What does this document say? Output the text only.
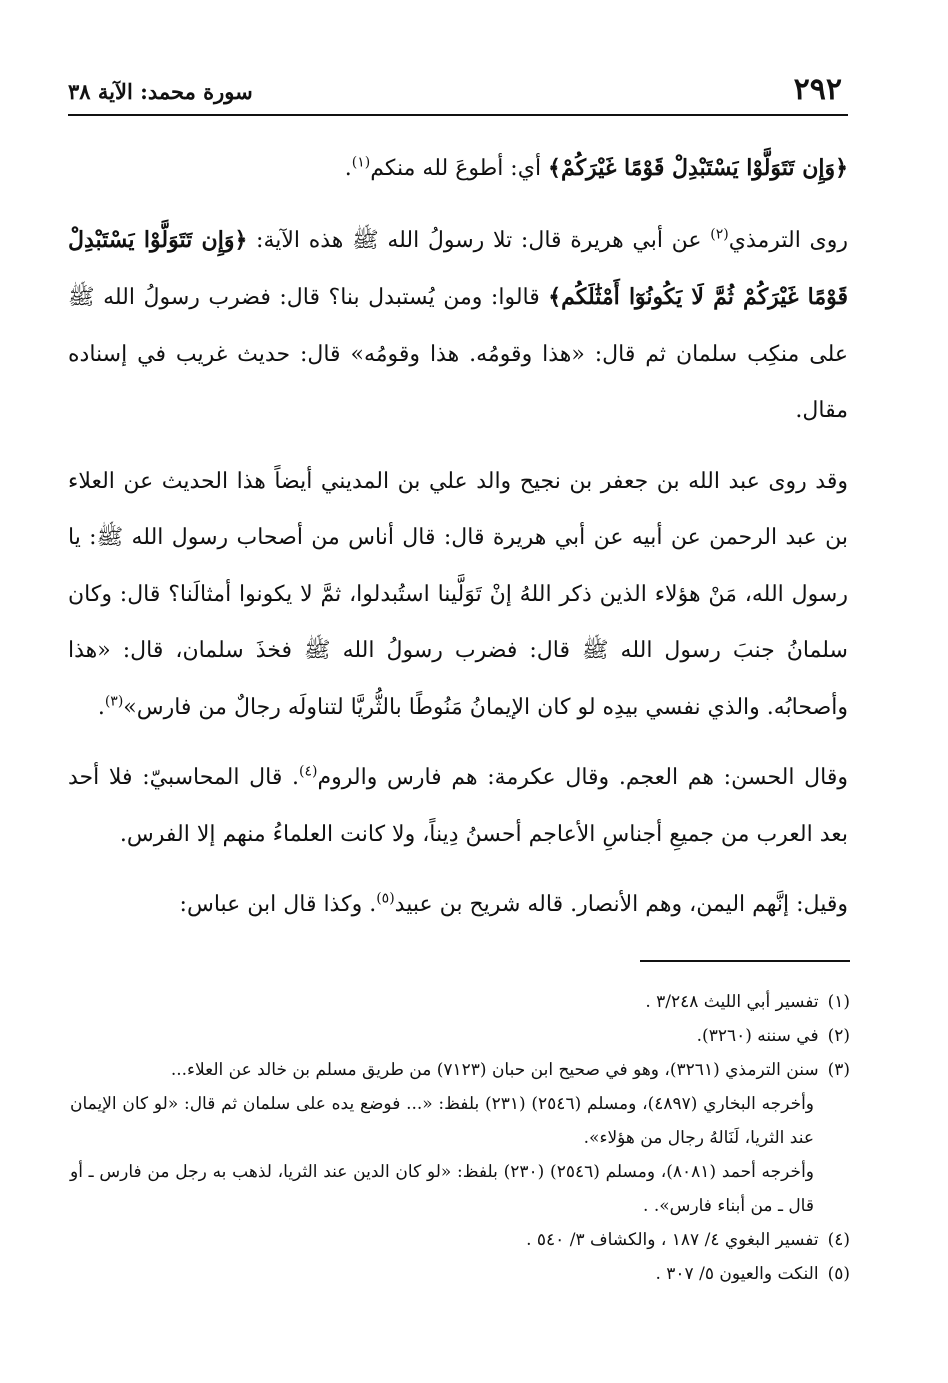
٢٩٢
سورة محمد: الآية ٣٨

﴿وَإِن تَتَوَلَّوْا يَسْتَبْدِلْ قَوْمًا غَيْرَكُمْ﴾ أي: أطوعَ لله منكم$^{(١)}$.

روى الترمذي$^{(٢)}$ عن أبي هريرة قال: تلا رسولُ الله ﷺ هذه الآية: ﴿وَإِن تَتَوَلَّوْا يَسْتَبْدِلْ قَوْمًا غَيْرَكُمْ ثُمَّ لَا يَكُونُوٓا أَمْثَٰلَكُم﴾ قالوا: ومن يُستبدل بنا؟ قال: فضرب رسولُ الله ﷺ على منكِب سلمان ثم قال: «هذا وقومُه. هذا وقومُه» قال: حديث غريب في إسناده مقال.

وقد روى عبد الله بن جعفر بن نجيح والد علي بن المديني أيضاً هذا الحديث عن العلاء بن عبد الرحمن عن أبيه عن أبي هريرة قال: قال أناس من أصحاب رسول الله ﷺ: يا رسول الله، مَنْ هؤلاء الذين ذكر اللهُ إنْ تَوَلَّينا استُبدلوا، ثمَّ لا يكونوا أمثالَنا؟ قال: وكان سلمانُ جنبَ رسول الله ﷺ قال: فضرب رسولُ الله ﷺ فخذَ سلمان، قال: «هذا وأصحابُه. والذي نفسي بيدِه لو كان الإيمانُ مَنُوطًا بالثُّريَّا لتناولَه رجالٌ من فارس»$^{(٣)}$.

وقال الحسن: هم العجم. وقال عكرمة: هم فارس والروم$^{(٤)}$. قال المحاسبيّ: فلا أحد بعد العرب من جميعِ أجناسِ الأعاجم أحسنُ دِيناً، ولا كانت العلماءُ منهم إلا الفرس.

وقيل: إنَّهم اليمن، وهم الأنصار. قاله شريح بن عبيد$^{(٥)}$. وكذا قال ابن عباس:

(١) تفسير أبي الليث ٣/٢٤٨ .

(٢) في سننه (٣٢٦٠).

(٣) سنن الترمذي (٣٢٦١)، وهو في صحيح ابن حبان (٧١٢٣) من طريق مسلم بن خالد عن العلاء...

وأخرجه البخاري (٤٨٩٧)، ومسلم (٢٥٤٦) (٢٣١) بلفظ: «... فوضع يده على سلمان ثم قال: «لو كان الإيمان عند الثريا، لَنَالهُ رجال من هؤلاء».

وأخرجه أحمد (٨٠٨١)، ومسلم (٢٥٤٦) (٢٣٠) بلفظ: «لو كان الدين عند الثريا، لذهب به رجل من فارس ـ أو قال ـ من أبناء فارس». .

(٤) تفسير البغوي ٤/ ١٨٧ ، والكشاف ٣/ ٥٤٠ .

(٥) النكت والعيون ٥/ ٣٠٧ .
